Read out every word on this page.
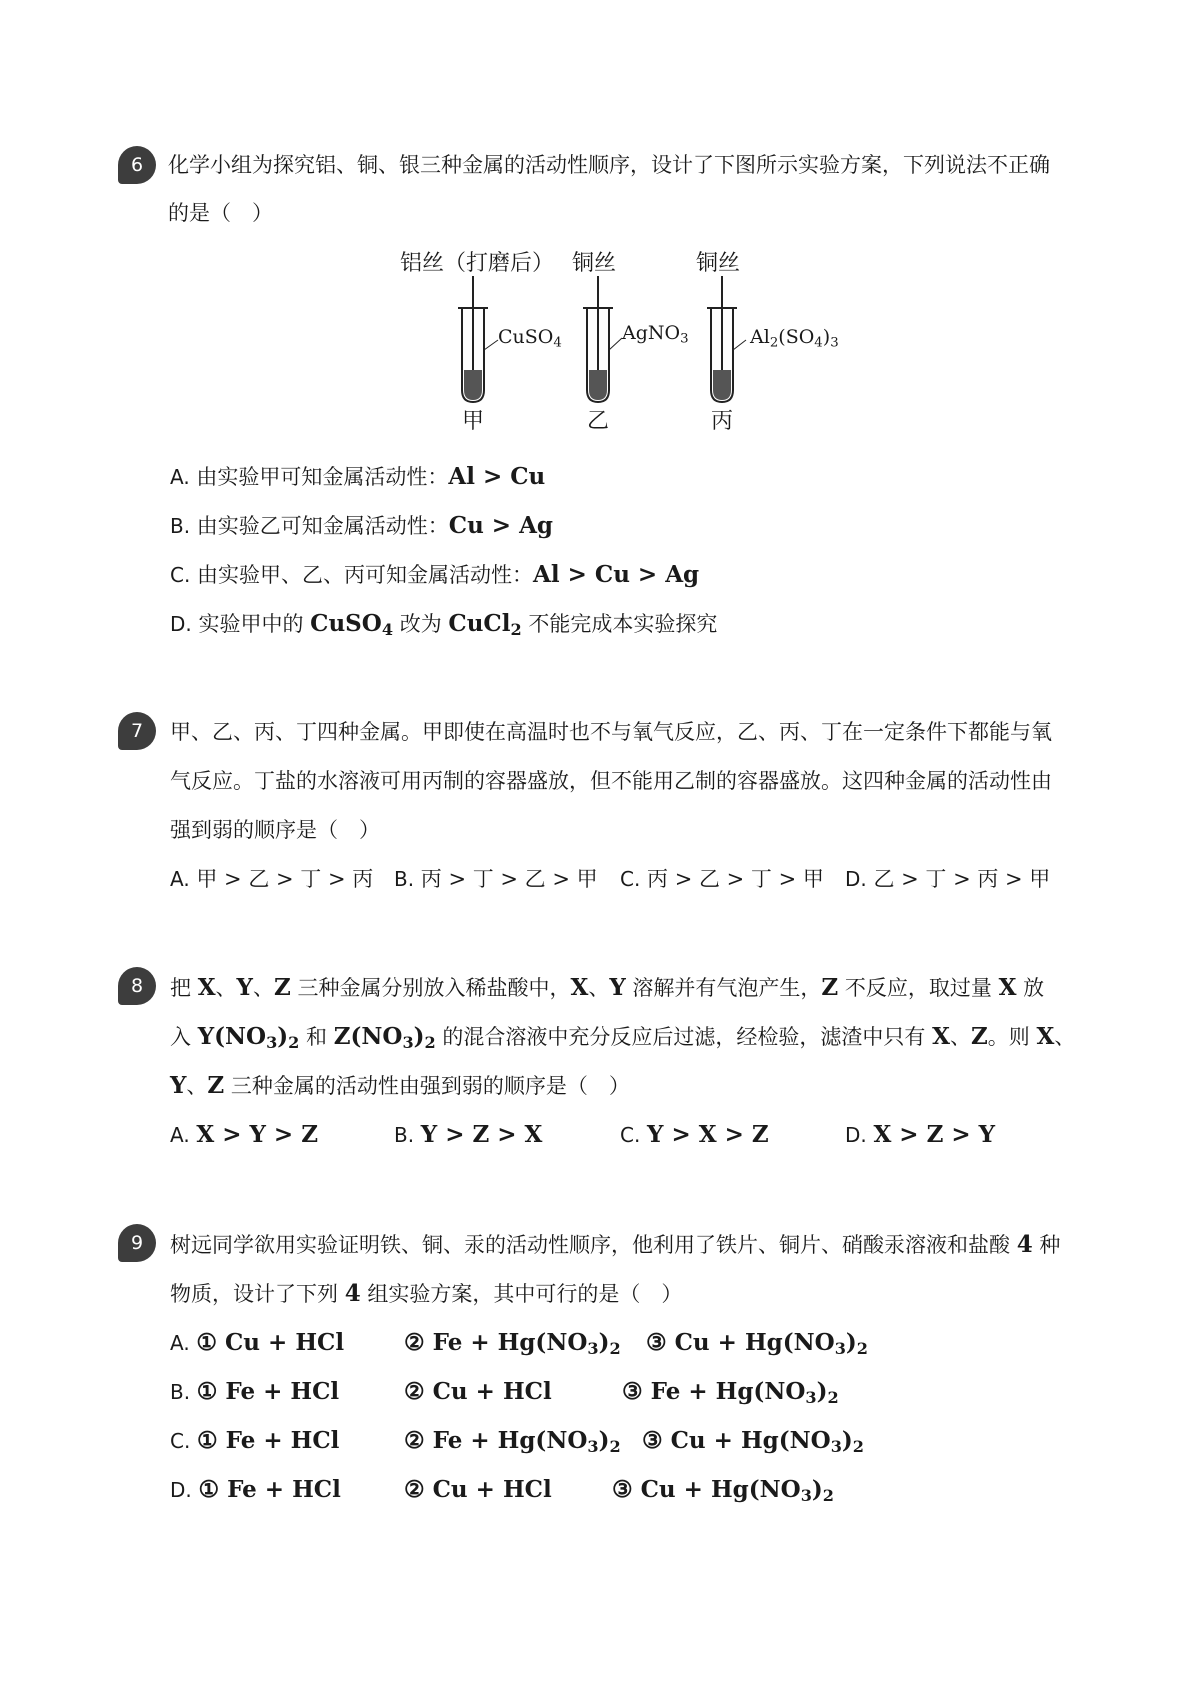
6 化学小组为探究铝、铜、银三种金属的活动性顺序，设计了下图所示实验方案，下列说法不正确
的是（　）
铝丝（打磨后） 铜丝	铜丝
CuSO$_4$	AgNO$_3$	$Al_2(SO_4)_3$
甲	乙	丙
A. 由实验甲可知金属活动性：Al > Cu
B. 由实验乙可知金属活动性：Cu > Ag
C. 由实验甲、乙、丙可知金属活动性：Al > Cu > Ag
D. 实验甲中的 CuSO$_4$ 改为 CuCl$_2$ 不能完成本实验探究
7 甲、乙、丙、丁四种金属。甲即使在高温时也不与氧气反应，乙、丙、丁在一定条件下都能与氧
气反应。丁盐的水溶液可用丙制的容器盛放，但不能用乙制的容器盛放。这四种金属的活动性由
强到弱的顺序是（　）
A. 甲 > 乙 > 丁 > 丙 B. 丙 > 丁 > 乙 > 甲 C. 丙 > 乙 > 丁 > 甲 D. 乙 > 丁 > 丙 > 甲
8 把 X、Y、Z 三种金属分别放入稀盐酸中，X、Y 溶解并有气泡产生，Z 不反应，取过量 X 放
入 $Y(NO_3)_2$ 和 $Z(NO_3)_2$ 的混合溶液中充分反应后过滤，经检验，滤渣中只有 X、Z。则 X、
Y、Z 三种金属的活动性由强到弱的顺序是（　）
A. X > Y > Z	B. Y > Z > X	C. Y > X > Z	D. X > Z > Y
9 树远同学欲用实验证明铁、铜、汞的活动性顺序，他利用了铁片、铜片、硝酸汞溶液和盐酸 4 种
物质，设计了下列 4 组实验方案，其中可行的是（　）
A. ① Cu + HCl	② $Fe + Hg(NO_3)_2$ ③ $Cu + Hg(NO_3)_2$
B. ① Fe + HCl	② Cu + HCl	③ $Fe + Hg(NO_3)_2$
C. ① Fe + HCl	② $Fe + Hg(NO_3)_2$ ③ $Cu + Hg(NO_3)_2$
D. ① Fe + HCl	② Cu + HCl	③ $Cu + Hg(NO_3)_2$
